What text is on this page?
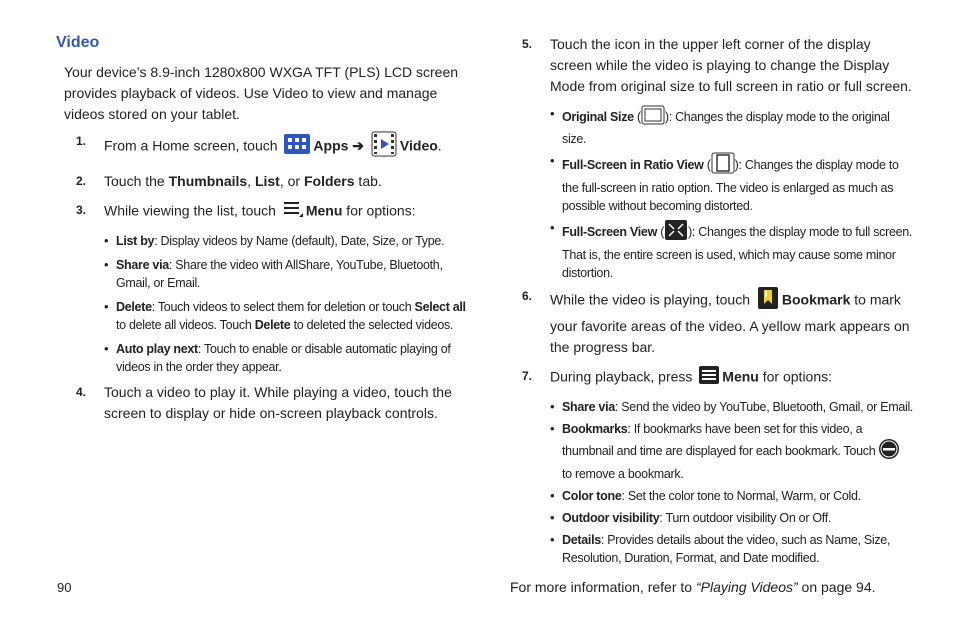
Video
Your device’s 8.9-inch 1280x800 WXGA TFT (PLS) LCD screen provides playback of videos. Use Video to view and manage videos stored on your tablet.
1. From a Home screen, touch	Apps ➔	Video.
2. Touch the Thumbnails, List, or Folders tab.
3. While viewing the list, touch Menu for options:
• List by: Display videos by Name (default), Date, Size, or Type.
• Share via: Share the video with AllShare, YouTube, Bluetooth, Gmail, or Email.
• Delete: Touch videos to select them for deletion or touch Select all to delete all videos. Touch Delete to deleted the selected videos.
• Auto play next: Touch to enable or disable automatic playing of videos in the order they appear.
4. Touch a video to play it. While playing a video, touch the screen to display or hide on-screen playback controls.
5. Touch the icon in the upper left corner of the display screen while the video is playing to change the Display Mode from original size to full screen in ratio or full screen.
• Original Size ( ): Changes the display mode to the original size.
• Full-Screen in Ratio View ( ): Changes the display mode to the full-screen in ratio option. The video is enlarged as much as possible without becoming distorted.
• Full-Screen View ( ): Changes the display mode to full screen. That is, the entire screen is used, which may cause some minor distortion.
6. While the video is playing, touch Bookmark to mark your favorite areas of the video. A yellow mark appears on the progress bar.
7. During playback, press Menu for options:
• Share via: Send the video by YouTube, Bluetooth, Gmail, or Email.
• Bookmarks: If bookmarks have been set for this video, a thumbnail and time are displayed for each bookmark. Touch to remove a bookmark.
• Color tone: Set the color tone to Normal, Warm, or Cold.
• Outdoor visibility: Turn outdoor visibility On or Off.
• Details: Provides details about the video, such as Name, Size, Resolution, Duration, Format, and Date modified.
For more information, refer to “Playing Videos” on page 94.
90
